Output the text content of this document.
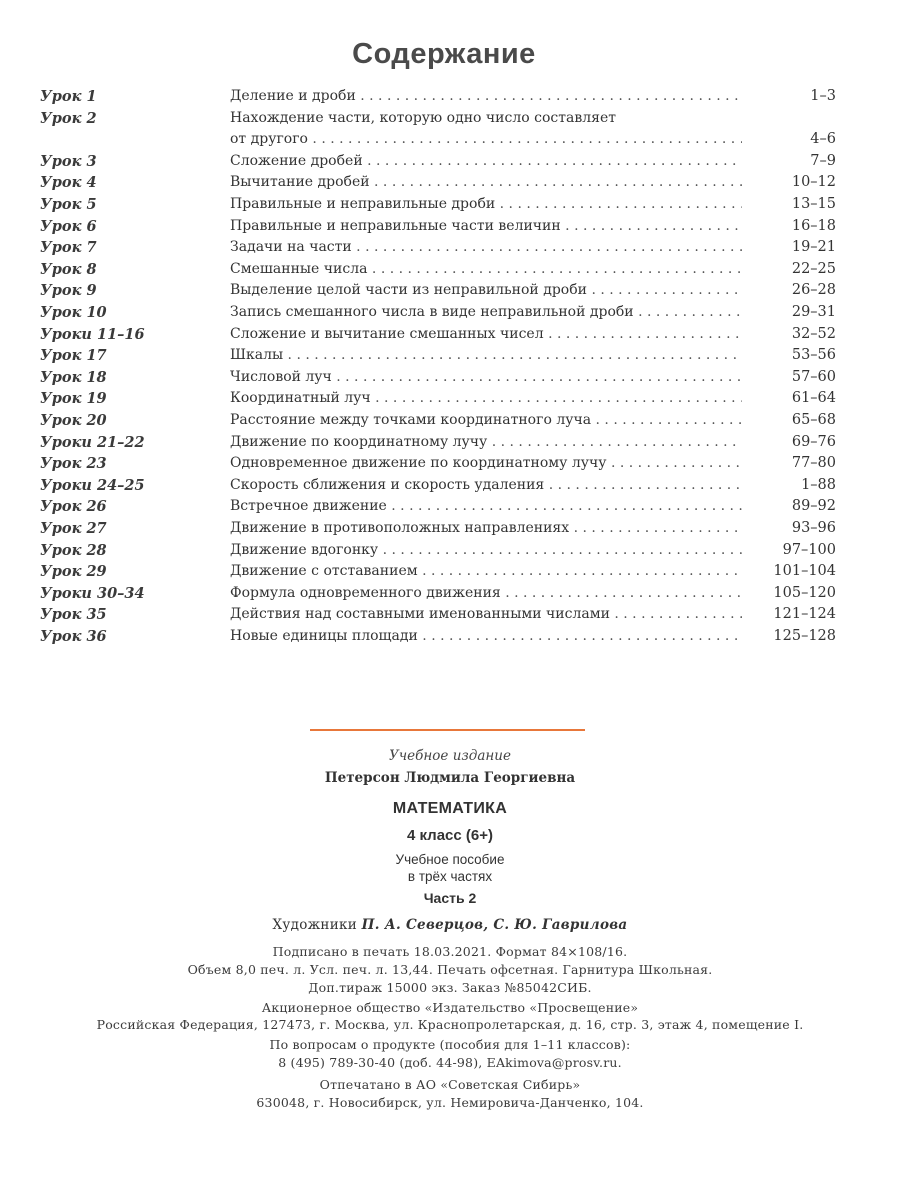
Содержание
Урок 1	Деление и дроби . . .	1–3
Урок 2	Нахождение части, которую одно число составляет
от другого . . .	4–6
Урок 3	Сложение дробей . . .	7–9
Урок 4	Вычитание дробей . . .	10–12
Урок 5	Правильные и неправильные дроби . . .	13–15
Урок 6	Правильные и неправильные части величин . . .	16–18
Урок 7	Задачи на части . . .	19–21
Урок 8	Смешанные числа . . .	22–25
Урок 9	Выделение целой части из неправильной дроби . . .	26–28
Урок 10	Запись смешанного числа в виде неправильной дроби . . .	29–31
Уроки 11–16	Сложение и вычитание смешанных чисел . . .	32–52
Урок 17	Шкалы . . .	53–56
Урок 18	Числовой луч . . .	57–60
Урок 19	Координатный луч . . .	61–64
Урок 20	Расстояние между точками координатного луча . . .	65–68
Уроки 21–22	Движение по координатному лучу . . .	69–76
Урок 23	Одновременное движение по координатному лучу . . .	77–80
Уроки 24–25	Скорость сближения и скорость удаления . . .	1–88
Урок 26	Встречное движение . . .	89–92
Урок 27	Движение в противоположных направлениях . . .	93–96
Урок 28	Движение вдогонку . . .	97–100
Урок 29	Движение с отставанием . . .	101–104
Уроки 30–34	Формула одновременного движения . . .	105–120
Урок 35	Действия над составными именованными числами . . .	121–124
Урок 36	Новые единицы площади . . .	125–128
Учебное издание
Петерсон Людмила Георгиевна
МАТЕМАТИКА
4 класс (6+)
Учебное пособие
в трёх частях
Часть 2
Художники П. А. Северцов, С. Ю. Гаврилова
Подписано в печать 18.03.2021. Формат 84×108/16.
Объем 8,0 печ. л. Усл. печ. л. 13,44. Печать офсетная. Гарнитура Школьная.
Доп.тираж 15000 экз. Заказ №85042СИБ.
Акционерное общество «Издательство «Просвещение»
Российская Федерация, 127473, г. Москва, ул. Краснопролетарская, д. 16, стр. 3, этаж 4, помещение I.
По вопросам о продукте (пособия для 1–11 классов):
8 (495) 789-30-40 (доб. 44-98), EAkimova@prosv.ru.
Отпечатано в АО «Советская Сибирь»
630048, г. Новосибирск, ул. Немировича-Данченко, 104.
